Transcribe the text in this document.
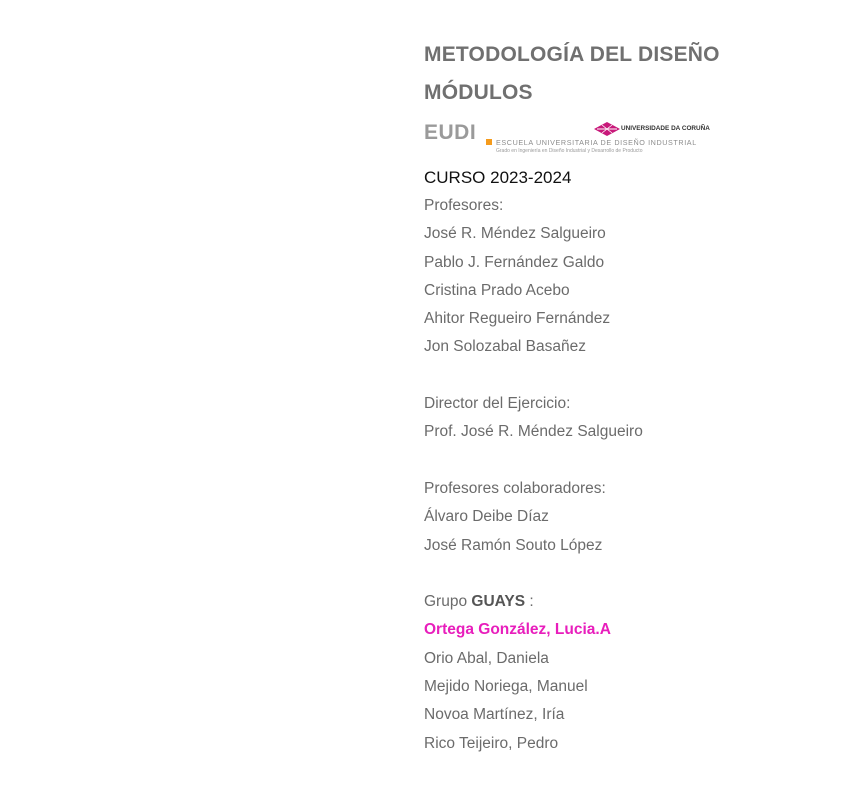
METODOLOGÍA DEL DISEÑO
MÓDULOS
EUDI	ESCUELA UNIVERSITARIA DE DISEÑO INDUSTRIAL
Grado en Ingeniería en Diseño Industrial y Desarrollo de Producto
UNIVERSIDADE DA CORUÑA
CURSO 2023-2024
Profesores:
José R. Méndez Salgueiro
Pablo J. Fernández Galdo
Cristina Prado Acebo
Ahitor Regueiro Fernández
Jon Solozabal Basañez
Director del Ejercicio:
Prof. José R. Méndez Salgueiro
Profesores colaboradores:
Álvaro Deibe Díaz
José Ramón Souto López
Grupo GUAYS :
Ortega González, Lucia.A
Orio Abal, Daniela
Mejido Noriega, Manuel
Novoa Martínez, Iría
Rico Teijeiro, Pedro
